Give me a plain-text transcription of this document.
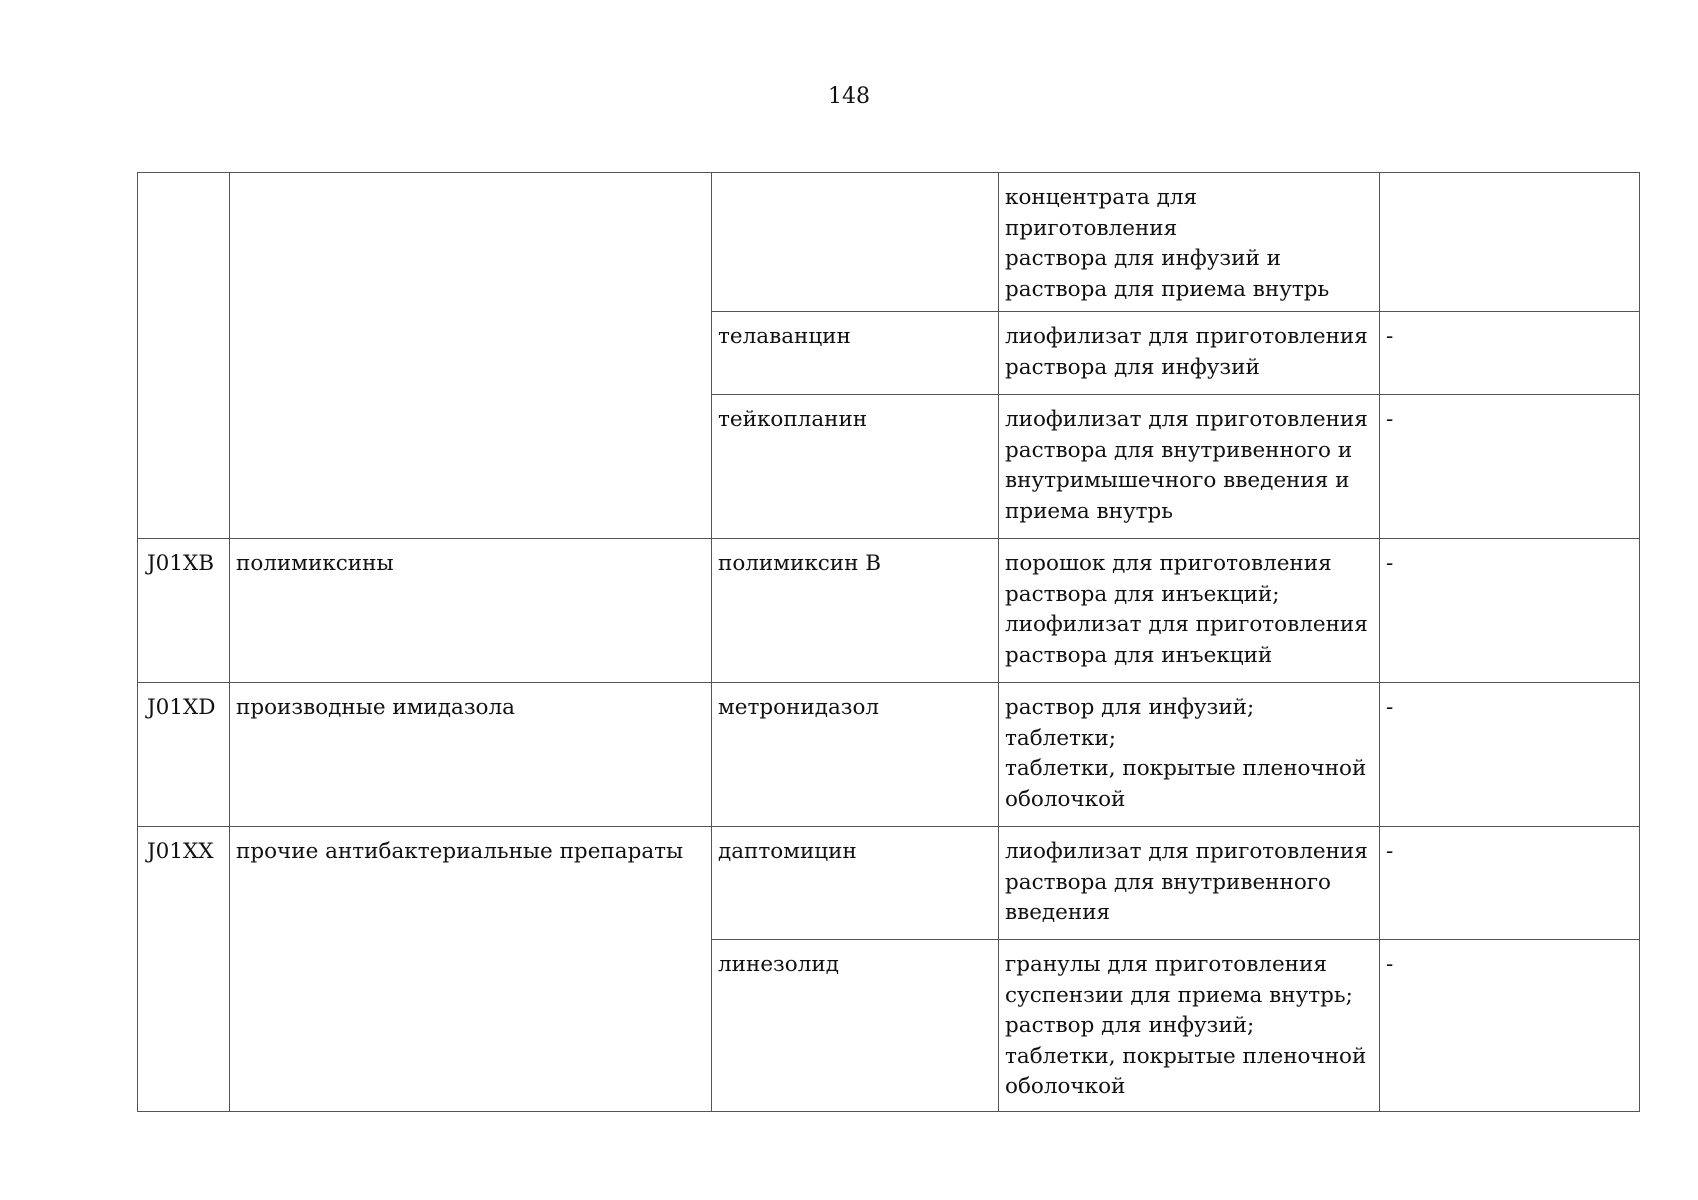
148
			концентрата для приготовления
раствора для инфузий и
раствора для приема внутрь	
		телаванцин	лиофилизат для приготовления
раствора для инфузий	-
		тейкопланин	лиофилизат для приготовления
раствора для внутривенного и
внутримышечного введения и
приема внутрь	-
J01XB	полимиксины	полимиксин B	порошок для приготовления
раствора для инъекций;
лиофилизат для приготовления
раствора для инъекций	-
J01XD	производные имидазола	метронидазол	раствор для инфузий;
таблетки;
таблетки, покрытые пленочной
оболочкой	-
J01XX	прочие антибактериальные препараты	даптомицин	лиофилизат для приготовления
раствора для внутривенного
введения	-
		линезолид	гранулы для приготовления
суспензии для приема внутрь;
раствор для инфузий;
таблетки, покрытые пленочной
оболочкой	-
